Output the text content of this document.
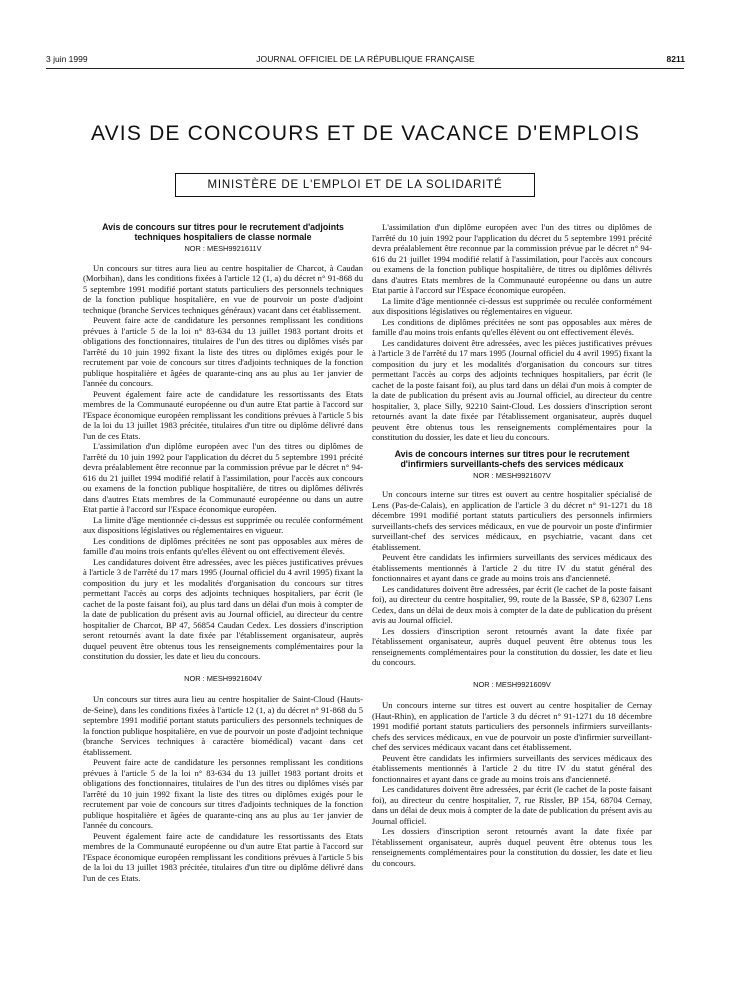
3 juin 1999	JOURNAL OFFICIEL DE LA RÉPUBLIQUE FRANÇAISE	8211
AVIS DE CONCOURS ET DE VACANCE D'EMPLOIS
MINISTÈRE DE L'EMPLOI ET DE LA SOLIDARITÉ
Avis de concours sur titres pour le recrutement d'adjoints techniques hospitaliers de classe normale
NOR : MESH9921611V

Un concours sur titres aura lieu au centre hospitalier de Charcot, à Caudan (Morbihan), dans les conditions fixées à l'article 12 (1, a) du décret n° 91-868 du 5 septembre 1991 modifié portant statuts particuliers des personnels techniques de la fonction publique hospitalière, en vue de pourvoir un poste d'adjoint technique (branche Services techniques généraux) vacant dans cet établissement.

Peuvent faire acte de candidature les personnes remplissant les conditions prévues à l'article 5 de la loi n° 83-634 du 13 juillet 1983 portant droits et obligations des fonctionnaires, titulaires de l'un des titres ou diplômes visés par l'arrêté du 10 juin 1992 fixant la liste des titres ou diplômes exigés pour le recrutement par voie de concours sur titres d'adjoints techniques de la fonction publique hospitalière et âgées de quarante-cinq ans au plus au 1er janvier de l'année du concours.

Peuvent également faire acte de candidature les ressortissants des Etats membres de la Communauté européenne ou d'un autre Etat partie à l'accord sur l'Espace économique européen remplissant les conditions prévues à l'article 5 bis de la loi du 13 juillet 1983 précitée, titulaires d'un titre ou diplôme délivré dans l'un de ces Etats.

L'assimilation d'un diplôme européen avec l'un des titres ou diplômes de l'arrêté du 10 juin 1992 pour l'application du décret du 5 septembre 1991 précité devra préalablement être reconnue par la commission prévue par le décret n° 94-616 du 21 juillet 1994 modifié relatif à l'assimilation, pour l'accès aux concours ou examens de la fonction publique hospitalière, de titres ou diplômes délivrés dans d'autres Etats membres de la Communauté européenne ou dans un autre Etat partie à l'accord sur l'Espace économique européen.

La limite d'âge mentionnée ci-dessus est supprimée ou reculée conformément aux dispositions législatives ou réglementaires en vigueur.

Les conditions de diplômes précitées ne sont pas opposables aux mères de famille d'au moins trois enfants qu'elles élèvent ou ont effectivement élevés.

Les candidatures doivent être adressées, avec les pièces justificatives prévues à l'article 3 de l'arrêté du 17 mars 1995 (Journal officiel du 4 avril 1995) fixant la composition du jury et les modalités d'organisation du concours sur titres permettant l'accès au corps des adjoints techniques hospitaliers, par écrit (le cachet de la poste faisant foi), au plus tard dans un délai d'un mois à compter de la date de publication du présent avis au Journal officiel, au directeur du centre hospitalier de Charcot, BP 47, 56854 Caudan Cedex. Les dossiers d'inscription seront retournés avant la date fixée par l'établissement organisateur, auprès duquel peuvent être obtenus tous les renseignements complémentaires pour la constitution du dossier, les date et lieu du concours.

NOR : MESH9921604V

Un concours sur titres aura lieu au centre hospitalier de Saint-Cloud (Hauts-de-Seine), dans les conditions fixées à l'article 12 (1, a) du décret n° 91-868 du 5 septembre 1991 modifié portant statuts particuliers des personnels techniques de la fonction publique hospitalière, en vue de pourvoir un poste d'adjoint technique (branche Services techniques à caractère biomédical) vacant dans cet établissement.

Peuvent faire acte de candidature les personnes remplissant les conditions prévues à l'article 5 de la loi n° 83-634 du 13 juillet 1983 portant droits et obligations des fonctionnaires, titulaires de l'un des titres ou diplômes visés par l'arrêté du 10 juin 1992 fixant la liste des titres ou diplômes exigés pour le recrutement par voie de concours sur titres d'adjoints techniques de la fonction publique hospitalière et âgées de quarante-cinq ans au plus au 1er janvier de l'année du concours.

Peuvent également faire acte de candidature les ressortissants des Etats membres de la Communauté européenne ou d'un autre Etat partie à l'accord sur l'Espace économique européen remplissant les conditions prévues à l'article 5 bis de la loi du 13 juillet 1983 précitée, titulaires d'un titre ou diplôme délivré dans l'un de ces Etats.

L'assimilation d'un diplôme européen avec l'un des titres ou diplômes de l'arrêté du 10 juin 1992 pour l'application du décret du 5 septembre 1991 précité devra préalablement être reconnue par la commission prévue par le décret n° 94-616 du 21 juillet 1994 modifié relatif à l'assimilation, pour l'accès aux concours ou examens de la fonction publique hospitalière, de titres ou diplômes délivrés dans d'autres Etats membres de la Communauté européenne ou dans un autre Etat partie à l'accord sur l'Espace économique européen.

La limite d'âge mentionnée ci-dessus est supprimée ou reculée conformément aux dispositions législatives ou réglementaires en vigueur.

Les conditions de diplômes précitées ne sont pas opposables aux mères de famille d'au moins trois enfants qu'elles élèvent ou ont effectivement élevés.

Les candidatures doivent être adressées, avec les pièces justificatives prévues à l'article 3 de l'arrêté du 17 mars 1995 (Journal officiel du 4 avril 1995) fixant la composition du jury et les modalités d'organisation du concours sur titres permettant l'accès au corps des adjoints techniques hospitaliers, par écrit (le cachet de la poste faisant foi), au plus tard dans un délai d'un mois à compter de la date de publication du présent avis au Journal officiel, au directeur du centre hospitalier, 3, place Silly, 92210 Saint-Cloud. Les dossiers d'inscription seront retournés avant la date fixée par l'établissement organisateur, auprès duquel peuvent être obtenus tous les renseignements complémentaires pour la constitution du dossier, les date et lieu du concours.

Avis de concours internes sur titres pour le recrutement d'infirmiers surveillants-chefs des services médicaux
NOR : MESH9921607V

Un concours interne sur titres est ouvert au centre hospitalier spécialisé de Lens (Pas-de-Calais), en application de l'article 3 du décret n° 91-1271 du 18 décembre 1991 modifié portant statuts particuliers des personnels infirmiers surveillants-chefs des services médicaux, en vue de pourvoir un poste d'infirmier surveillant-chef des services médicaux, en psychiatrie, vacant dans cet établissement.

Peuvent être candidats les infirmiers surveillants des services médicaux des établissements mentionnés à l'article 2 du titre IV du statut général des fonctionnaires et ayant dans ce grade au moins trois ans d'ancienneté.

Les candidatures doivent être adressées, par écrit (le cachet de la poste faisant foi), au directeur du centre hospitalier, 99, route de la Bassée, SP 8, 62307 Lens Cedex, dans un délai de deux mois à compter de la date de publication du présent avis au Journal officiel.

Les dossiers d'inscription seront retournés avant la date fixée par l'établissement organisateur, auprès duquel peuvent être obtenus tous les renseignements complémentaires pour la constitution du dossier, les date et lieu du concours.

NOR : MESH9921609V

Un concours interne sur titres est ouvert au centre hospitalier de Cernay (Haut-Rhin), en application de l'article 3 du décret n° 91-1271 du 18 décembre 1991 modifié portant statuts particuliers des personnels infirmiers surveillants-chefs des services médicaux, en vue de pourvoir un poste d'infirmier surveillant-chef des services médicaux vacant dans cet établissement.

Peuvent être candidats les infirmiers surveillants des services médicaux des établissements mentionnés à l'article 2 du titre IV du statut général des fonctionnaires et ayant dans ce grade au moins trois ans d'ancienneté.

Les candidatures doivent être adressées, par écrit (le cachet de la poste faisant foi), au directeur du centre hospitalier, 7, rue Rissler, BP 154, 68704 Cernay, dans un délai de deux mois à compter de la date de publication du présent avis au Journal officiel.

Les dossiers d'inscription seront retournés avant la date fixée par l'établissement organisateur, auprès duquel peuvent être obtenus tous les renseignements complémentaires pour la constitution du dossier, les date et lieu du concours.
